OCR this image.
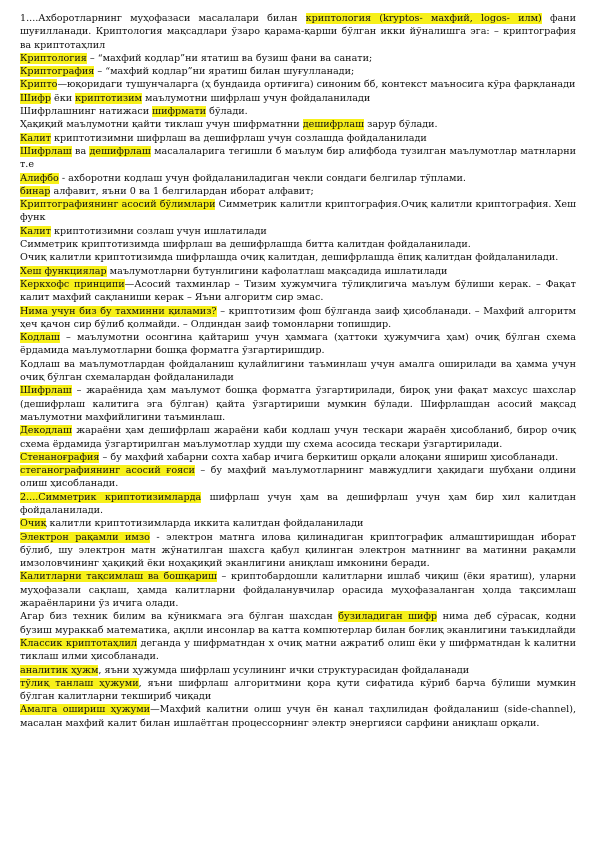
1....Ахборотларнинг муҳофазаси масалалари билан криптология (kryptos- махфий, logos- илм) фани шуғилланади. Криптология мақсадлари ўзаро қарама-қарши бўлган икки йўналишга эга: – криптография ва криптотаҳлил

Криптология – “махфий кодлар”ни ятатиш ва бузиш фани ва санати;

Криптография – “махфий кодлар”ни яратиш билан шуғулланади;

Крипто—юқоридаги тушунчаларга (ҳ бундаида ортиғига) синоним бб, контекст маъносига кўра фарқланади

Шифр ёки криптотизим маълумотни шифрлаш учун фойдаланилади

Шифрлашнинг натижаси шифрмати бўлади.

Ҳақиқий маълумотни қайти тиклаш учун шифрматнни дешифрлаш зарур бўлади.

Калит криптотизимни шифрлаш ва дешифрлаш учун созлашда фойдаланилади

Шифрлаш ва дешифрлаш масалаларига тегишли б маълум бир алифбода тузилган маълумотлар матнларни т.е

Алифбо - ахборотни кодлаш учун фойдаланиладиган чекли сондаги белгилар тўплами.

бинар алфавит, яъни 0 ва 1 белгилардан иборат алфавит;

Криптографиянинг асосий бўлимлари Симметрик калитли криптография.Очиқ калитли криптография. Хеш функ

Калит криптотизимни созлаш учун ишлатилади

Симметрик криптотизимда шифрлаш ва дешифрлашда битта калитдан фойдаланилади.

Очиқ калитли криптотизимда шифрлашда очиқ калитдан, дешифрлашда ёпиқ калитдан фойдаланилади.

Хеш функциялар маълумотларни бутунлигини кафолатлаш мақсадида ишлатилади

Керкхофс принципи—Асосий тахминлар – Тизим хужумчига тўлиқлигича маълум бўлиши керак. – Фақат калит махфий сақланиши керак – Яъни алгоритм сир эмас.

Нима учун биз бу тахминни қиламиз? – криптотизим фош бўлганда заиф ҳисобланади. – Махфий алгоритм ҳеч қачон сир бўлиб қолмайди. – Олдиндан заиф томонларни топишдир.

Кодлаш – маълумотни осонгина қайтариш учун ҳаммага (ҳаттоки ҳужумчига ҳам) очиқ бўлган схема ёрдамида маълумотларни бошқа форматга ўзгартиришдир.

Кодлаш ва маълумотлардан фойдаланиш қулайлигини таъминлаш учун амалга оширилади ва ҳамма учун очиқ бўлган схемалардан фойдаланилади

Шифрлаш – жараёнида ҳам маълумот бошқа форматга ўзгартирилади, бироқ уни фақат махсус шахслар (дешифрлаш калитига эга бўлган) қайта ўзгартириши мумкин бўлади. Шифрлашдан асосий мақсад маълумотни махфийлигини таъминлаш.

Декодлаш жараёни ҳам дешифрлаш жараёни каби кодлаш учун тескари жараён ҳисобланиб, бирор очиқ схема ёрдамида ўзгартирилган маълумотлар худди шу схема асосида тескари ўзгартирилади.

Стенаноғрафия – бу маҳфий хабарни сохта хабар ичига беркитиш орқали алоқани яшириш ҳисобланади.

стеганографиянинг асосий ғояси – бу маҳфий маълумотларнинг мавжудлиги ҳақидаги шубҳани олдини олиш ҳисобланади.

2....Симметрик криптотизимларда шифрлаш учун ҳам ва дешифрлаш учун ҳам бир хил калитдан фойдаланилади.

Очиқ калитли криптотизимларда иккита калитдан фойдаланилади

Электрон рақамли имзо - электрон матнга илова қилинадиган криптографик алмаштиришдан иборат бўлиб, шу электрон матн жўнатилган шахсга қабул қилинган электрон матннинг ва матинни рақамли имзоловчининг ҳақиқий ёки ноҳақиқий эканлигини аниқлаш имконини беради.

Калитларни тақсимлаш ва бошқариш – криптобардошли калитларни ишлаб чиқиш (ёки яратиш), уларни муҳофазали сақлаш, ҳамда калитларни фойдаланувчилар орасида муҳофазаланган ҳолда тақсимлаш жараёнларини ўз ичига олади.

Агар биз техник билим ва кўникмага эга бўлган шахсдан бузиладиган шифр нима деб сўрасак, кодни бузиш мураккаб математика, ақлли инсонлар ва катта компютерлар билан боғлиқ эканлигини таъкидлайди

Классик криптотаҳлил деганда y шифрматндан x очиқ матни ажратиб олиш ёки y шифрматндан k калитни тиклаш илми ҳисобланади.

аналитик ҳужм, яъни ҳужумда шифрлаш усулининг ички структурасидан фойдаланади

тўлиқ танлаш ҳужуми, яъни шифрлаш алгоритмини қора қути сифатида кўриб барча бўлиши мумкин бўлган калитларни текшириб чиқади

Амалга ошириш ҳужуми—Махфий калитни олиш учун ён канал таҳлилидан фойдаланиш (side-channel), масалан махфий калит билан ишлаётган процессорнинг электр энергияси сарфини аниқлаш орқали.
